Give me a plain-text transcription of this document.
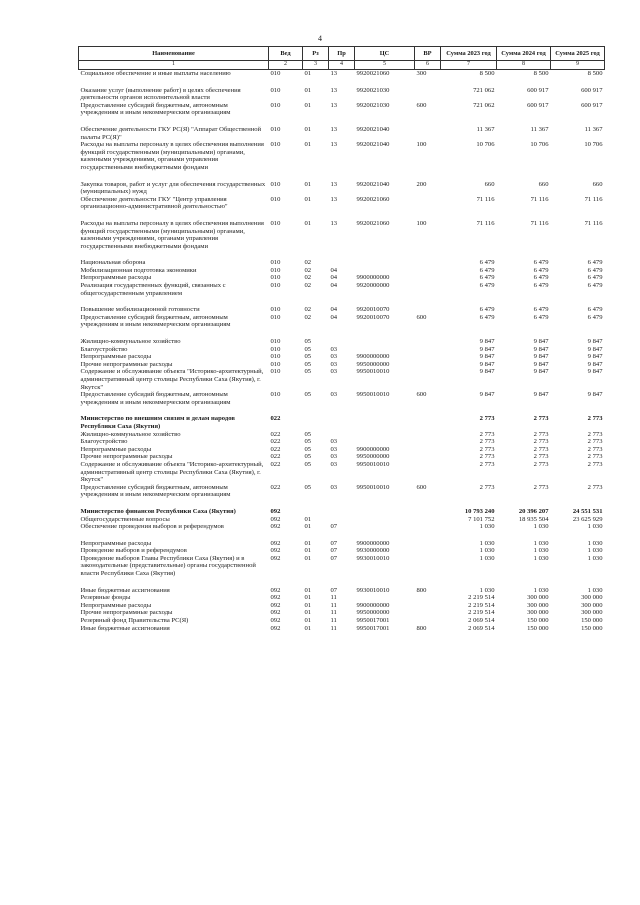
4
Наименование	Вед	Рз	Пр	ЦС	ВР	Сумма 2023 год	Сумма 2024 год	Сумма 2025 год
1	2	3	4	5	6	7	8	9
Социальное обеспечение и иные выплаты населению	010	01	13	9920021060	300	8 500	8 500	8 500

Оказание услуг (выполнение работ) в целях обеспечения деятельности органов исполнительной власти	010	01	13	9920021030		721 062	600 917	600 917
Предоставление субсидий бюджетным, автономным учреждениям и иным некоммерческим организациям	010	01	13	9920021030	600	721 062	600 917	600 917

Обеспечение деятельности ГКУ РС(Я) "Аппарат Общественной палаты РС(Я)"	010	01	13	9920021040		11 367	11 367	11 367
Расходы на выплаты персоналу в целях обеспечения выполнения функций государственными (муниципальными) органами, казенными учреждениями, органами управления государственными внебюджетными фондами	010	01	13	9920021040	100	10 706	10 706	10 706

Закупка товаров, работ и услуг для обеспечения государственных (муниципальных) нужд	010	01	13	9920021040	200	660	660	660
Обеспечение деятельности ГКУ "Центр управления организационно-административной деятельностью"	010	01	13	9920021060		71 116	71 116	71 116

Расходы на выплаты персоналу в целях обеспечения выполнения функций государственными (муниципальными) органами, казенными учреждениями, органами управления государственными внебюджетными фондами	010	01	13	9920021060	100	71 116	71 116	71 116

Национальная оборона	010	02				6 479	6 479	6 479
Мобилизационная подготовка экономики	010	02	04			6 479	6 479	6 479
Непрограммные расходы	010	02	04	9900000000		6 479	6 479	6 479
Реализация государственных функций, связанных с общегосударственным управлением	010	02	04	9920000000		6 479	6 479	6 479

Повышение мобилизационной готовности	010	02	04	9920010070		6 479	6 479	6 479
Предоставление субсидий бюджетным, автономным учреждениям и иным некоммерческим организациям	010	02	04	9920010070	600	6 479	6 479	6 479

Жилищно-коммунальное хозяйство	010	05				9 847	9 847	9 847
Благоустройство	010	05	03			9 847	9 847	9 847
Непрограммные расходы	010	05	03	9900000000		9 847	9 847	9 847
Прочие непрограммные расходы	010	05	03	9950000000		9 847	9 847	9 847
Содержание и обслуживание объекта "Историко-архитектурный, административный центр столицы Республики Саха (Якутия), г. Якутск"	010	05	03	9950010010		9 847	9 847	9 847
Предоставление субсидий бюджетным, автономным учреждениям и иным некоммерческим организациям	010	05	03	9950010010	600	9 847	9 847	9 847

Министерство по внешним связям и делам народов Республики Саха (Якутия)	022					2 773	2 773	2 773
Жилищно-коммунальное хозяйство	022	05				2 773	2 773	2 773
Благоустройство	022	05	03			2 773	2 773	2 773
Непрограммные расходы	022	05	03	9900000000		2 773	2 773	2 773
Прочие непрограммные расходы	022	05	03	9950000000		2 773	2 773	2 773
Содержание и обслуживание объекта "Историко-архитектурный, административный центр столицы Республики Саха (Якутия), г. Якутск"	022	05	03	9950010010		2 773	2 773	2 773
Предоставление субсидий бюджетным, автономным учреждениям и иным некоммерческим организациям	022	05	03	9950010010	600	2 773	2 773	2 773

Министерство финансов Республики Саха (Якутия)	092					10 793 240	20 396 207	24 551 531
Общегосударственные вопросы	092	01				7 101 752	18 935 504	23 625 929
Обеспечение проведения выборов и референдумов	092	01	07			1 030	1 030	1 030

Непрограммные расходы	092	01	07	9900000000		1 030	1 030	1 030
Проведение выборов и референдумов	092	01	07	9930000000		1 030	1 030	1 030
Проведение выборов Главы Республики Саха (Якутия) и в законодательные (представительные) органы государственной власти Республики Саха (Якутия)	092	01	07	9930010010		1 030	1 030	1 030

Иные бюджетные ассигнования	092	01	07	9930010010	800	1 030	1 030	1 030
Резервные фонды	092	01	11			2 219 514	300 000	300 000
Непрограммные расходы	092	01	11	9900000000		2 219 514	300 000	300 000
Прочие непрограммные расходы	092	01	11	9950000000		2 219 514	300 000	300 000
Резервный фонд Правительства РС(Я)	092	01	11	9950017001		2 069 514	150 000	150 000
Иные бюджетные ассигнования	092	01	11	9950017001	800	2 069 514	150 000	150 000
